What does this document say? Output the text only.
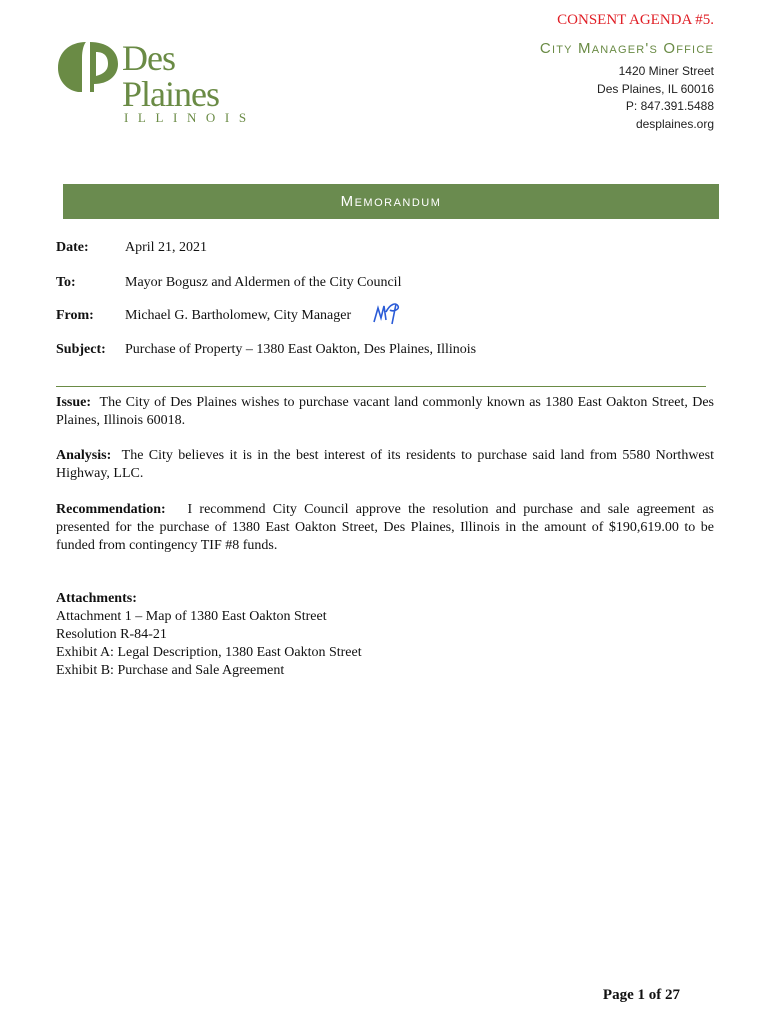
CONSENT AGENDA #5.
Des
Plaines
ILLINOIS
City Manager's Office
1420 Miner Street
Des Plaines, IL 60016
P: 847.391.5488
desplaines.org
Memorandum
Date:	April 21, 2021
To:	Mayor Bogusz and Aldermen of the City Council
From: Michael G. Bartholomew, City Manager
Subject: Purchase of Property – 1380 East Oakton, Des Plaines, Illinois
Issue: The City of Des Plaines wishes to purchase vacant land commonly known as 1380 East Oakton Street, Des Plaines, Illinois 60018.
Analysis: The City believes it is in the best interest of its residents to purchase said land from 5580 Northwest Highway, LLC.
Recommendation: I recommend City Council approve the resolution and purchase and sale agreement as presented for the purchase of 1380 East Oakton Street, Des Plaines, Illinois in the amount of $190,619.00 to be funded from contingency TIF #8 funds.
Attachments:
Attachment 1 – Map of 1380 East Oakton Street
Resolution R-84-21
Exhibit A: Legal Description, 1380 East Oakton Street
Exhibit B: Purchase and Sale Agreement
Page 1 of 27
